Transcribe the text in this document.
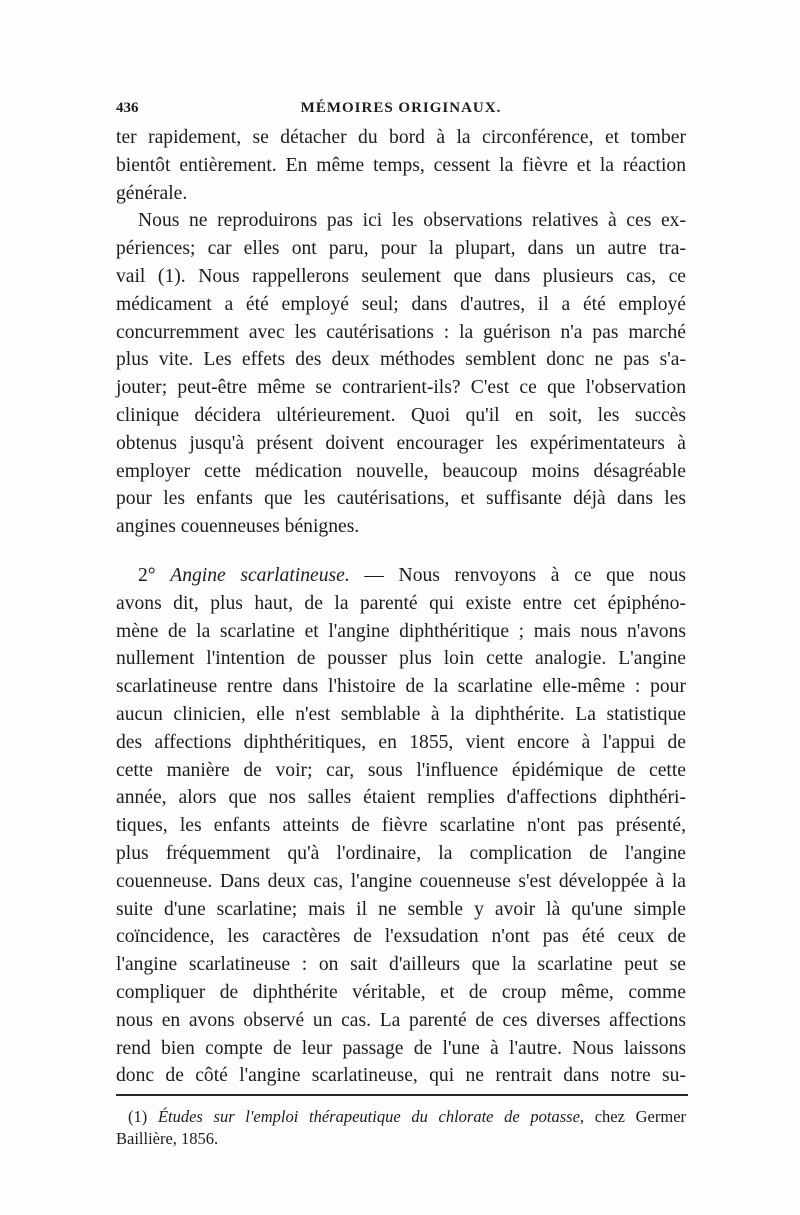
436	MÉMOIRES ORIGINAUX.
ter rapidement, se détacher du bord à la circonférence, et tomber
bientôt entièrement. En même temps, cessent la fièvre et la réaction
générale.
Nous ne reproduirons pas ici les observations relatives à ces ex-
périences; car elles ont paru, pour la plupart, dans un autre tra-
vail (1). Nous rappellerons seulement que dans plusieurs cas, ce
médicament a été employé seul; dans d'autres, il a été employé
concurremment avec les cautérisations : la guérison n'a pas marché
plus vite. Les effets des deux méthodes semblent donc ne pas s'a-
jouter; peut-être même se contrarient-ils? C'est ce que l'observation
clinique décidera ultérieurement. Quoi qu'il en soit, les succès
obtenus jusqu'à présent doivent encourager les expérimentateurs à
employer cette médication nouvelle, beaucoup moins désagréable
pour les enfants que les cautérisations, et suffisante déjà dans les
angines couenneuses bénignes.
2° Angine scarlatineuse. — Nous renvoyons à ce que nous
avons dit, plus haut, de la parenté qui existe entre cet épiphéno-
mène de la scarlatine et l'angine diphthéritique ; mais nous n'avons
nullement l'intention de pousser plus loin cette analogie. L'angine
scarlatineuse rentre dans l'histoire de la scarlatine elle-même : pour
aucun clinicien, elle n'est semblable à la diphthérite. La statistique
des affections diphthéritiques, en 1855, vient encore à l'appui de
cette manière de voir; car, sous l'influence épidémique de cette
année, alors que nos salles étaient remplies d'affections diphthéri-
tiques, les enfants atteints de fièvre scarlatine n'ont pas présenté,
plus fréquemment qu'à l'ordinaire, la complication de l'angine
couenneuse. Dans deux cas, l'angine couenneuse s'est développée à la
suite d'une scarlatine; mais il ne semble y avoir là qu'une simple
coïncidence, les caractères de l'exsudation n'ont pas été ceux de
l'angine scarlatineuse : on sait d'ailleurs que la scarlatine peut se
compliquer de diphthérite véritable, et de croup même, comme
nous en avons observé un cas. La parenté de ces diverses affections
rend bien compte de leur passage de l'une à l'autre. Nous laissons
donc de côté l'angine scarlatineuse, qui ne rentrait dans notre su-
(1) Études sur l'emploi thérapeutique du chlorate de potasse, chez Germer
Baillière, 1856.
